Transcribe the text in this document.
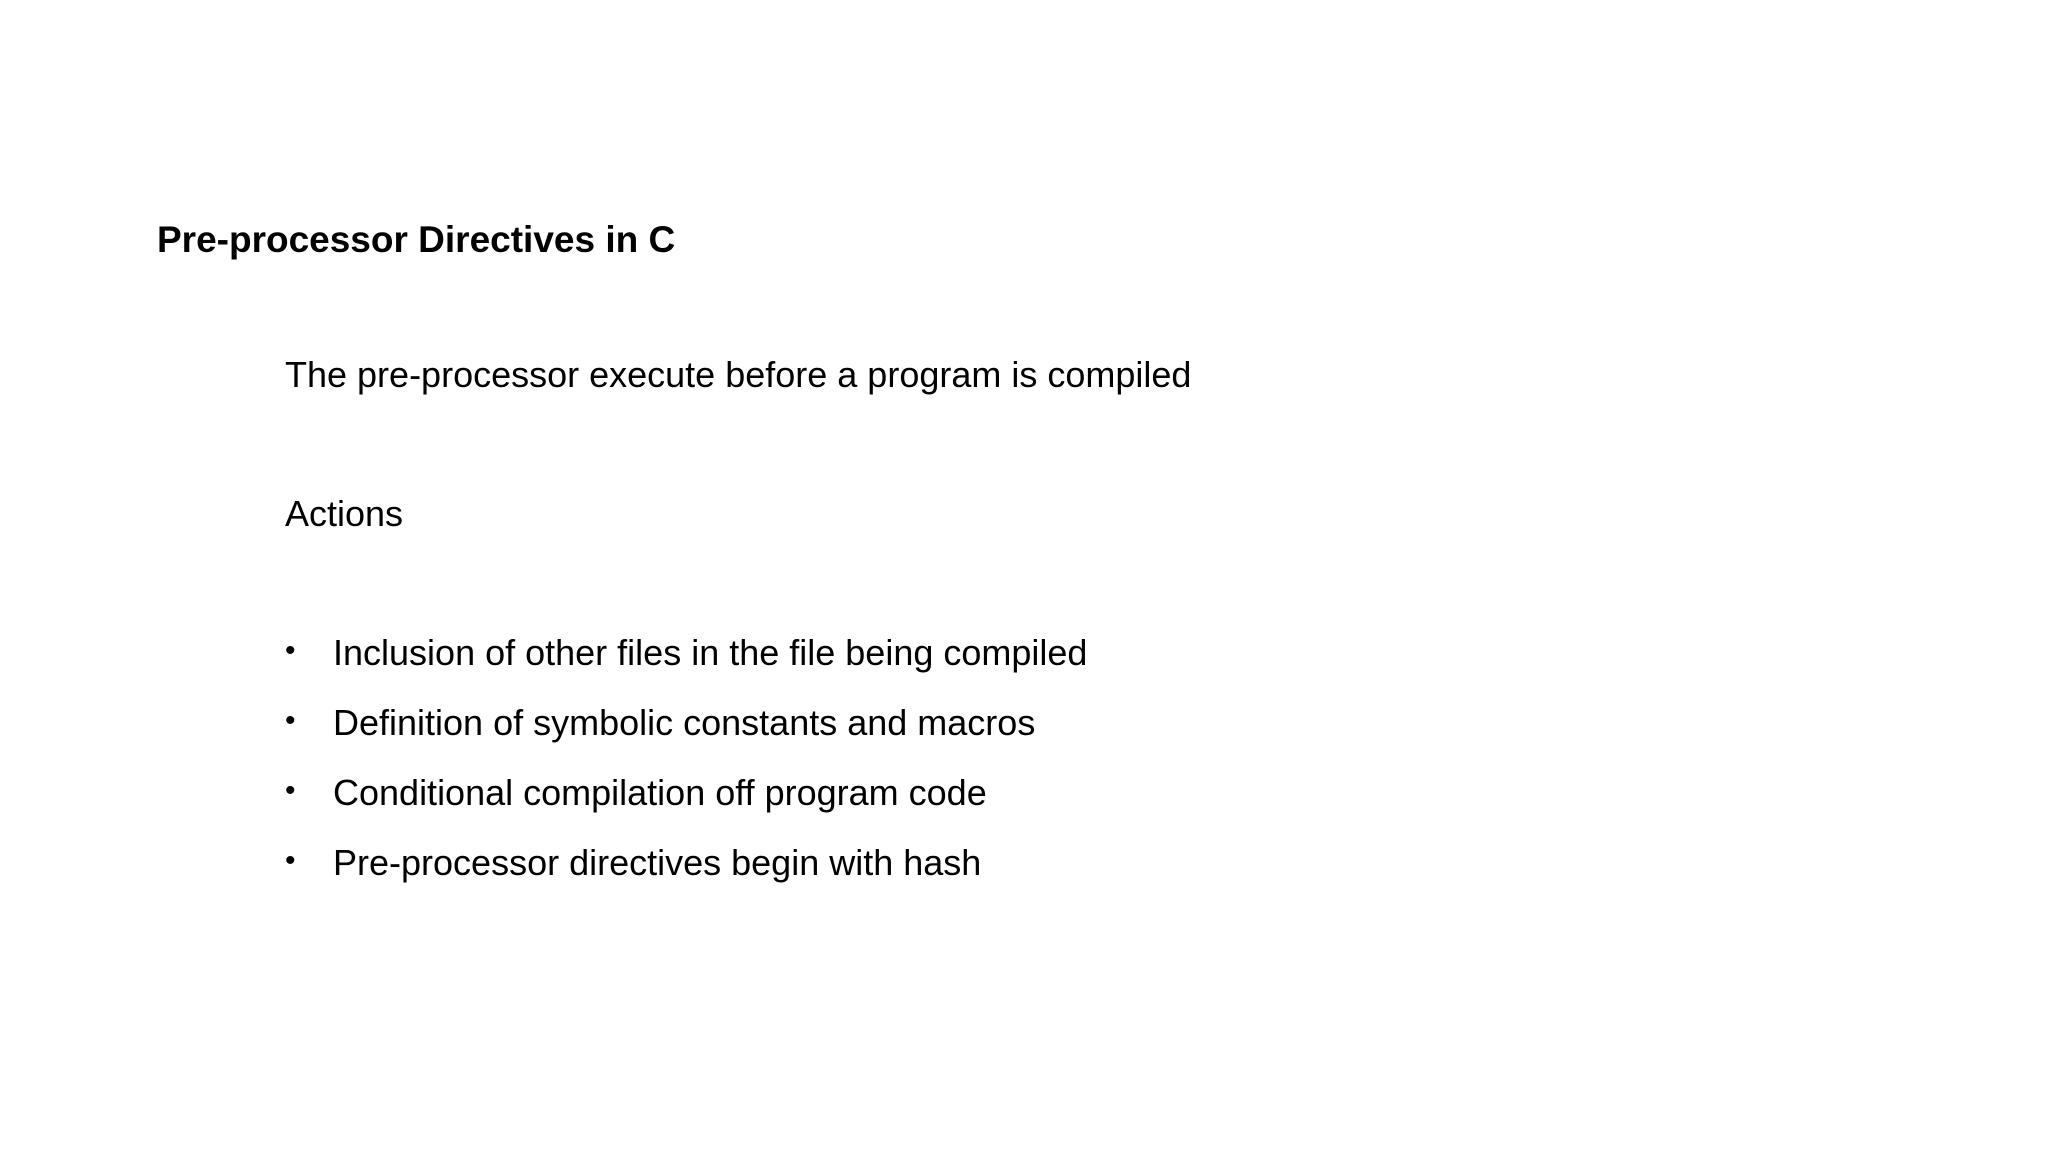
Pre-processor Directives in C
The pre-processor execute before a program is compiled
Actions
• Inclusion of other files in the file being compiled
• Definition of symbolic constants and macros
• Conditional compilation off program code
• Pre-processor directives begin with hash
